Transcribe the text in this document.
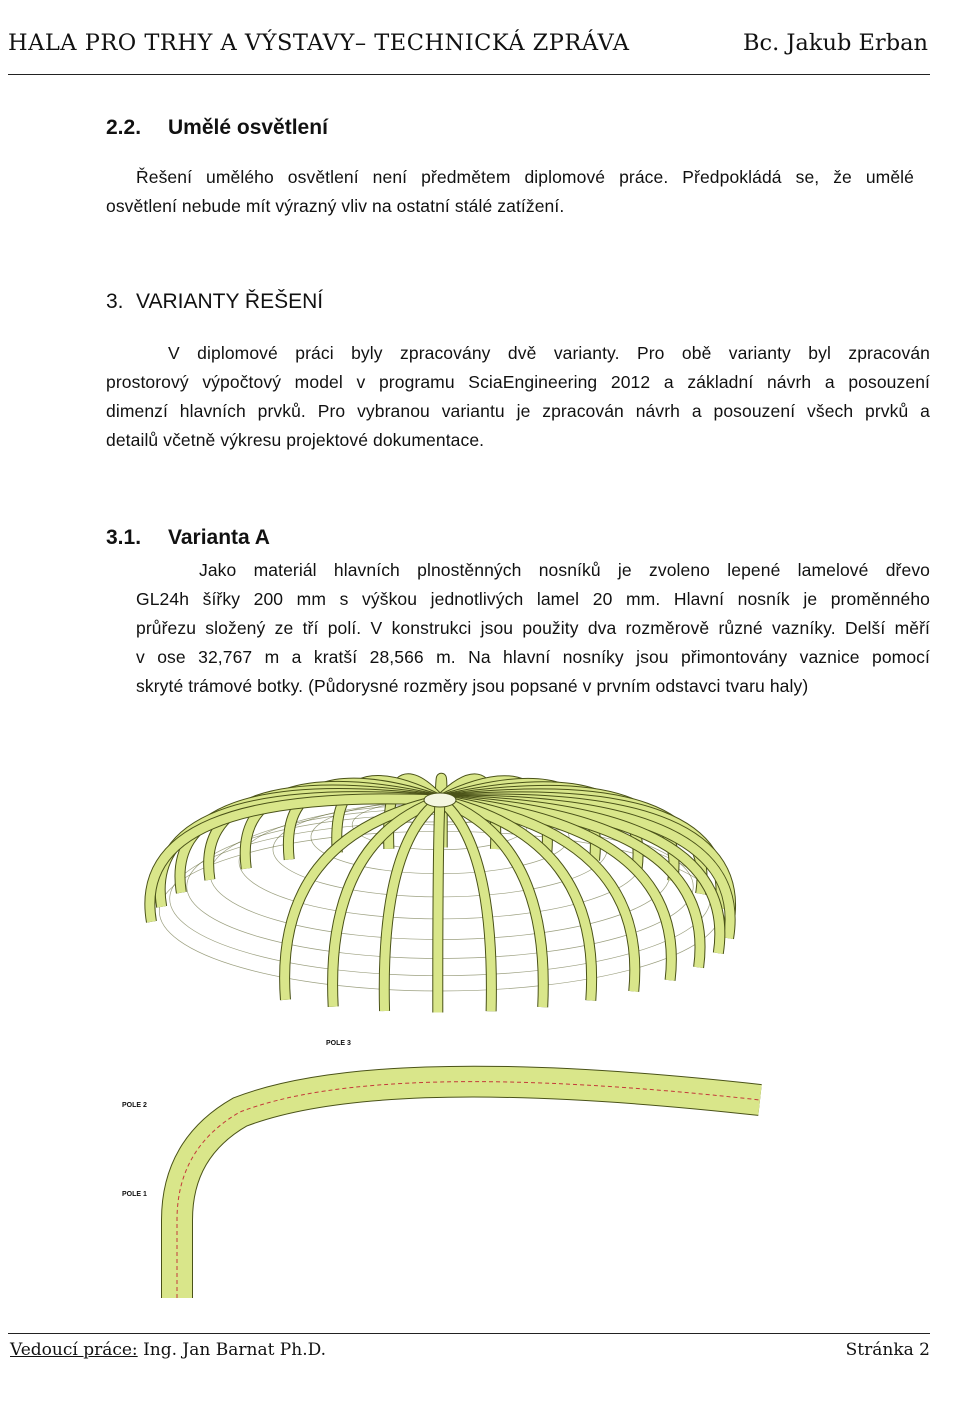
HALA PRO TRHY A VÝSTAVY– TECHNICKÁ ZPRÁVA	Bc. Jakub Erban
2.2. Umělé osvětlení
Řešení umělého osvětlení není předmětem diplomové práce. Předpokládá se, že umělé
osvětlení nebude mít výrazný vliv na ostatní stálé zatížení.
3. VARIANTY ŘEŠENÍ
V diplomové práci byly zpracovány dvě varianty. Pro obě varianty byl zpracován
prostorový výpočtový model v programu SciaEngineering 2012 a základní návrh a posouzení
dimenzí hlavních prvků. Pro vybranou variantu je zpracován návrh a posouzení všech prvků a
detailů včetně výkresu projektové dokumentace.
3.1. Varianta A
Jako materiál hlavních plnostěnných nosníků je zvoleno lepené lamelové dřevo
GL24h šířky 200 mm s výškou jednotlivých lamel 20 mm. Hlavní nosník je proměnného
průřezu složený ze tří polí. V konstrukci jsou použity dva rozměrově různé vazníky. Delší měří
v ose 32,767 m a kratší 28,566 m. Na hlavní nosníky jsou přimontovány vaznice pomocí
skryté trámové botky. (Půdorysné rozměry jsou popsané v prvním odstavci tvaru haly)
POLE 3
POLE 2
POLE 1
Vedoucí práce: Ing. Jan Barnat Ph.D.	Stránka 2
